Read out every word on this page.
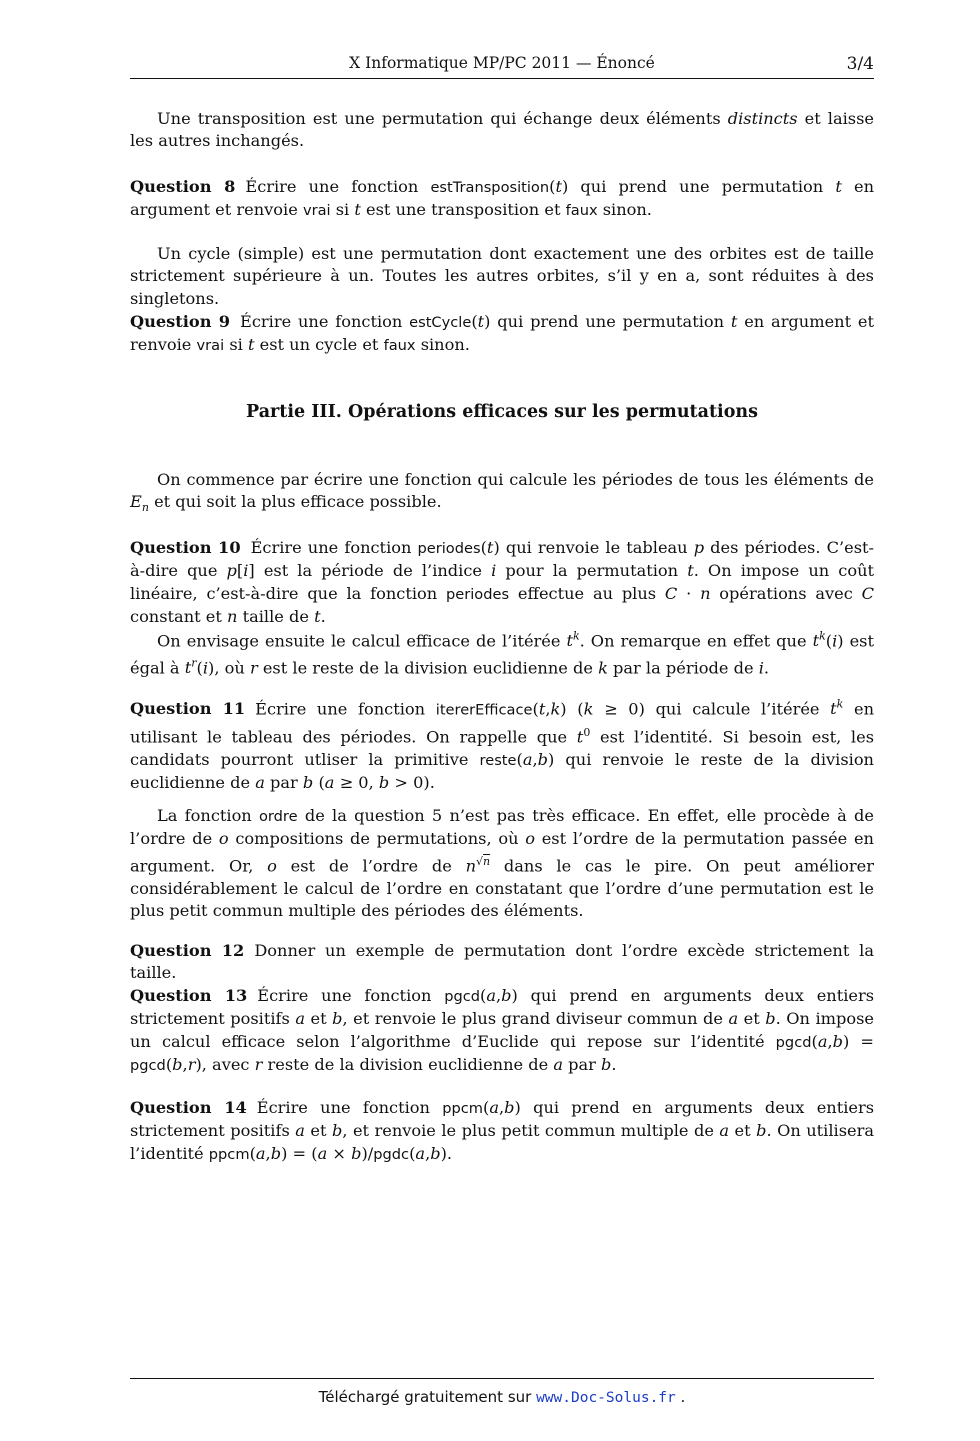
X Informatique MP/PC 2011 — Énoncé	3/4

Une transposition est une permutation qui échange deux éléments distincts et laisse les autres inchangés.

Question 8 Écrire une fonction estTransposition(t) qui prend une permutation t en argument et renvoie vrai si t est une transposition et faux sinon.

Un cycle (simple) est une permutation dont exactement une des orbites est de taille strictement supérieure à un. Toutes les autres orbites, s’il y en a, sont réduites à des singletons.

Question 9 Écrire une fonction estCycle(t) qui prend une permutation t en argument et renvoie vrai si t est un cycle et faux sinon.

Partie III. Opérations efficaces sur les permutations

On commence par écrire une fonction qui calcule les périodes de tous les éléments de $E_n$ et qui soit la plus efficace possible.

Question 10 Écrire une fonction periodes(t) qui renvoie le tableau p des périodes. C’est-à-dire que p[i] est la période de l’indice i pour la permutation t. On impose un coût linéaire, c’est-à-dire que la fonction periodes effectue au plus C · n opérations avec C constant et n taille de t.

On envisage ensuite le calcul efficace de l’itérée $t^k$. On remarque en effet que $t^k(i)$ est égal à $t^r(i)$, où r est le reste de la division euclidienne de k par la période de i.

Question 11 Écrire une fonction itererEfficace(t,k) (k ≥ 0) qui calcule l’itérée $t^k$ en utilisant le tableau des périodes. On rappelle que $t^0$ est l’identité. Si besoin est, les candidats pourront utliser la primitive reste(a,b) qui renvoie le reste de la division euclidienne de a par b (a ≥ 0, b > 0).

La fonction ordre de la question 5 n’est pas très efficace. En effet, elle procède à de l’ordre de o compositions de permutations, où o est l’ordre de la permutation passée en argument. Or, o est de l’ordre de $n^{√n}$ dans le cas le pire. On peut améliorer considérablement le calcul de l’ordre en constatant que l’ordre d’une permutation est le plus petit commun multiple des périodes des éléments.

Question 12 Donner un exemple de permutation dont l’ordre excède strictement la taille.

Question 13 Écrire une fonction pgcd(a,b) qui prend en arguments deux entiers strictement positifs a et b, et renvoie le plus grand diviseur commun de a et b. On impose un calcul efficace selon l’algorithme d’Euclide qui repose sur l’identité pgcd(a,b) = pgcd(b,r), avec r reste de la division euclidienne de a par b.

Question 14 Écrire une fonction ppcm(a,b) qui prend en arguments deux entiers strictement positifs a et b, et renvoie le plus petit commun multiple de a et b. On utilisera l’identité ppcm(a,b) = (a × b)/pgdc(a,b).

Téléchargé gratuitement sur www.Doc-Solus.fr .
